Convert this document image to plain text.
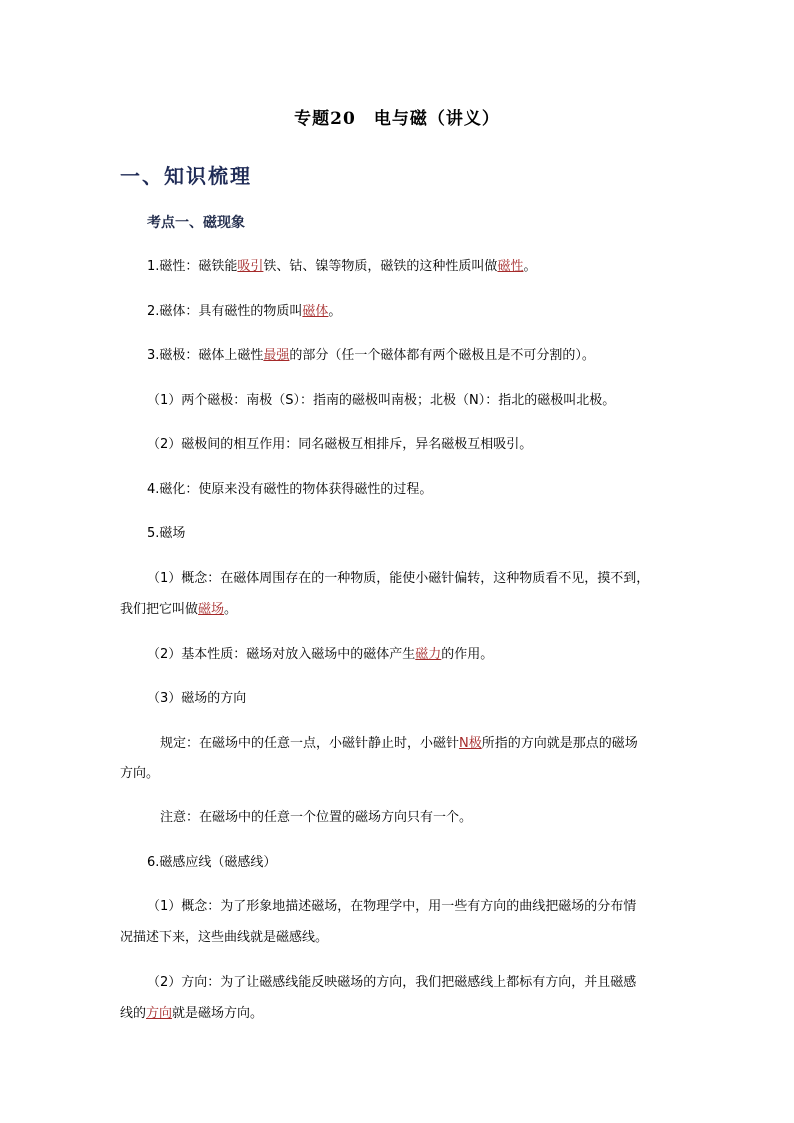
专题20　电与磁（讲义）
一、知识梳理
考点一、磁现象
1.磁性：磁铁能吸引铁、钴、镍等物质，磁铁的这种性质叫做磁性。
2.磁体：具有磁性的物质叫磁体。
3.磁极：磁体上磁性最强的部分（任一个磁体都有两个磁极且是不可分割的）。
（1）两个磁极：南极（S）：指南的磁极叫南极；北极（N）：指北的磁极叫北极。
（2）磁极间的相互作用：同名磁极互相排斥，异名磁极互相吸引。
4.磁化：使原来没有磁性的物体获得磁性的过程。
5.磁场
（1）概念：在磁体周围存在的一种物质，能使小磁针偏转，这种物质看不见，摸不到，
我们把它叫做磁场。
（2）基本性质：磁场对放入磁场中的磁体产生磁力的作用。
（3）磁场的方向
规定：在磁场中的任意一点，小磁针静止时，小磁针N极所指的方向就是那点的磁场
方向。
注意：在磁场中的任意一个位置的磁场方向只有一个。
6.磁感应线（磁感线）
（1）概念：为了形象地描述磁场，在物理学中，用一些有方向的曲线把磁场的分布情
况描述下来，这些曲线就是磁感线。
（2）方向：为了让磁感线能反映磁场的方向，我们把磁感线上都标有方向，并且磁感
线的方向就是磁场方向。
